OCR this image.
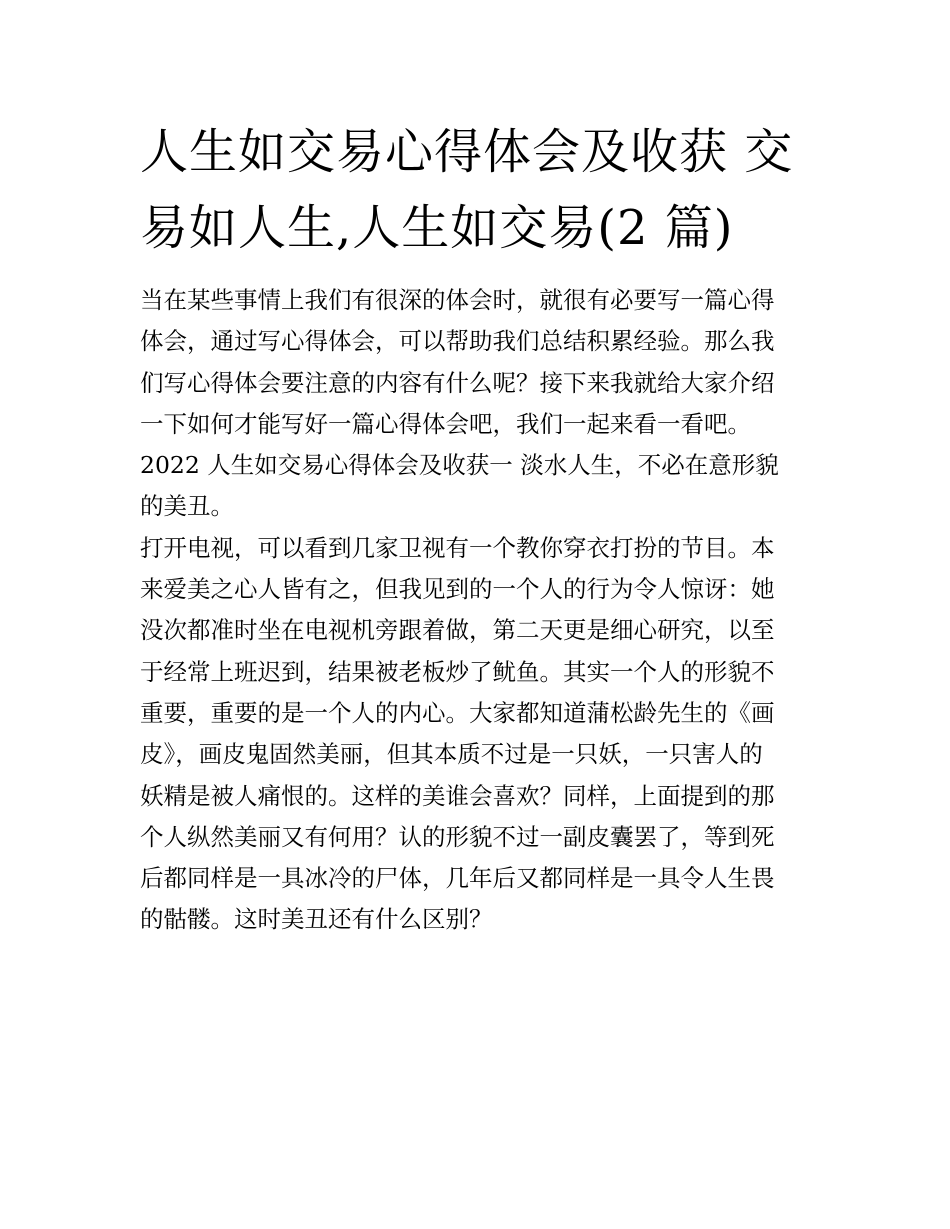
人生如交易心得体会及收获 交
易如人生,人生如交易(2 篇)
当在某些事情上我们有很深的体会时，就很有必要写一篇心得
体会，通过写心得体会，可以帮助我们总结积累经验。那么我
们写心得体会要注意的内容有什么呢？接下来我就给大家介绍
一下如何才能写好一篇心得体会吧，我们一起来看一看吧。
2022 人生如交易心得体会及收获一 淡水人生，不必在意形貌
的美丑。
打开电视，可以看到几家卫视有一个教你穿衣打扮的节目。本
来爱美之心人皆有之，但我见到的一个人的行为令人惊讶：她
没次都准时坐在电视机旁跟着做，第二天更是细心研究，以至
于经常上班迟到，结果被老板炒了鱿鱼。其实一个人的形貌不
重要，重要的是一个人的内心。大家都知道蒲松龄先生的《画
皮》，画皮鬼固然美丽，但其本质不过是一只妖，一只害人的
妖精是被人痛恨的。这样的美谁会喜欢？同样，上面提到的那
个人纵然美丽又有何用？认的形貌不过一副皮囊罢了，等到死
后都同样是一具冰冷的尸体，几年后又都同样是一具令人生畏
的骷髅。这时美丑还有什么区别？
